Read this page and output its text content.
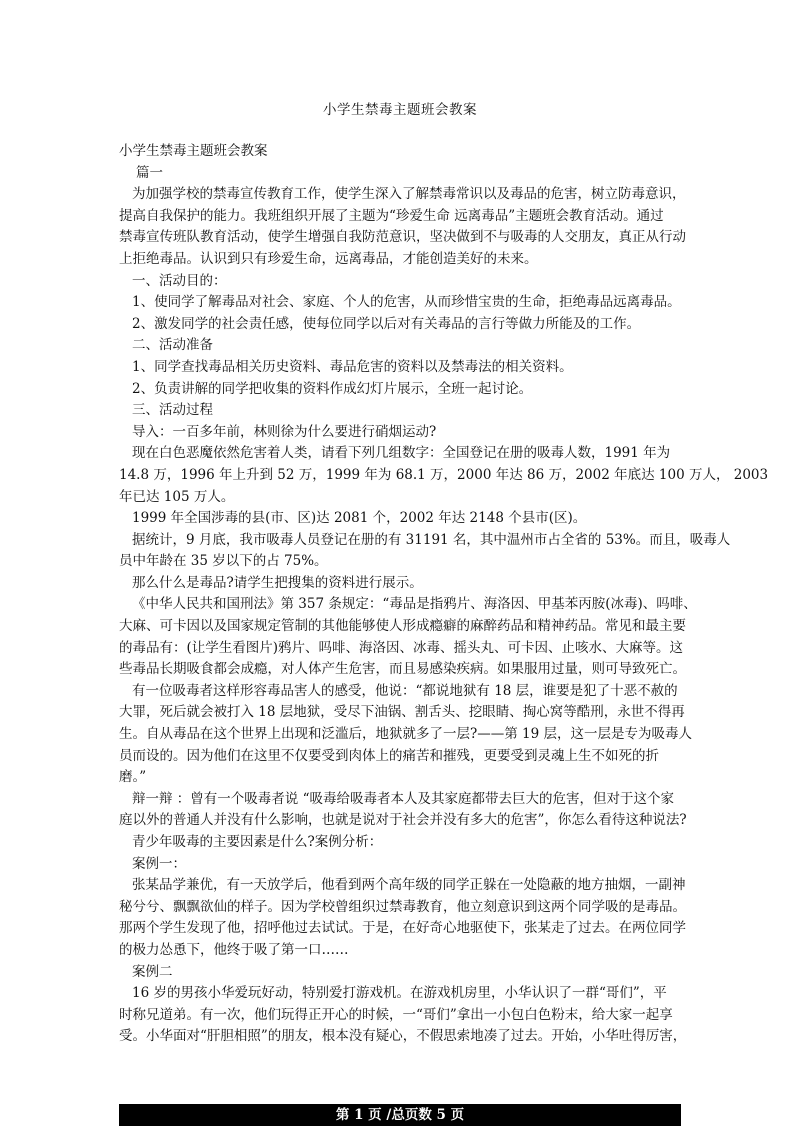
小学生禁毒主题班会教案

小学生禁毒主题班会教案

篇一

为加强学校的禁毒宣传教育工作，使学生深入了解禁毒常识以及毒品的危害，树立防毒意识，

提高自我保护的能力。我班组织开展了主题为“珍爱生命 远离毒品”主题班会教育活动。通过

禁毒宣传班队教育活动，使学生增强自我防范意识，坚决做到不与吸毒的人交朋友，真正从行动

上拒绝毒品。认识到只有珍爱生命，远离毒品，才能创造美好的未来。

一、活动目的：

1、使同学了解毒品对社会、家庭、个人的危害，从而珍惜宝贵的生命，拒绝毒品远离毒品。

2、激发同学的社会责任感，使每位同学以后对有关毒品的言行等做力所能及的工作。

二、活动准备

1、同学查找毒品相关历史资料、毒品危害的资料以及禁毒法的相关资料。

2、负责讲解的同学把收集的资料作成幻灯片展示，全班一起讨论。

三、活动过程

导入：一百多年前，林则徐为什么要进行硝烟运动?

现在白色恶魔依然危害着人类，请看下列几组数字：全国登记在册的吸毒人数，1991 年为

14.8 万，1996 年上升到 52 万，1999 年为 68.1 万，2000 年达 86 万，2002 年底达 100 万人， 2003

年已达 105 万人。

1999 年全国涉毒的县(市、区)达 2081 个，2002 年达 2148 个县市(区)。

据统计，9 月底，我市吸毒人员登记在册的有 31191 名，其中温州市占全省的 53%。而且，吸毒人

员中年龄在 35 岁以下的占 75%。

那么什么是毒品?请学生把搜集的资料进行展示。

《中华人民共和国刑法》第 357 条规定：“毒品是指鸦片、海洛因、甲基苯丙胺(冰毒)、吗啡、

大麻、可卡因以及国家规定管制的其他能够使人形成瘾癖的麻醉药品和精神药品。常见和最主要

的毒品有：(让学生看图片)鸦片、吗啡、海洛因、冰毒、摇头丸、可卡因、止咳水、大麻等。这

些毒品长期吸食都会成瘾，对人体产生危害，而且易感染疾病。如果服用过量，则可导致死亡。

有一位吸毒者这样形容毒品害人的感受，他说：“都说地狱有 18 层，谁要是犯了十恶不赦的

大罪，死后就会被打入 18 层地狱，受尽下油锅、割舌头、挖眼睛、掏心窝等酷刑，永世不得再

生。自从毒品在这个世界上出现和泛滥后，地狱就多了一层?——第 19 层，这一层是专为吸毒人

员而设的。因为他们在这里不仅要受到肉体上的痛苦和摧残，更要受到灵魂上生不如死的折

磨。”

辩一辩 ：曾有一个吸毒者说 “吸毒给吸毒者本人及其家庭都带去巨大的危害，但对于这个家

庭以外的普通人并没有什么影响，也就是说对于社会并没有多大的危害”，你怎么看待这种说法?

青少年吸毒的主要因素是什么?案例分析：

案例一：

张某品学兼优，有一天放学后，他看到两个高年级的同学正躲在一处隐蔽的地方抽烟，一副神

秘兮兮、飘飘欲仙的样子。因为学校曾组织过禁毒教育，他立刻意识到这两个同学吸的是毒品。

那两个学生发现了他，招呼他过去试试。于是，在好奇心地驱使下，张某走了过去。在两位同学

的极力怂恿下，他终于吸了第一口……

案例二

16 岁的男孩小华爱玩好动，特别爱打游戏机。在游戏机房里，小华认识了一群“哥们”，平

时称兄道弟。有一次，他们玩得正开心的时候，一“哥们”拿出一小包白色粉末，给大家一起享

受。小华面对“肝胆相照”的朋友，根本没有疑心，不假思索地凑了过去。开始，小华吐得厉害，

第 1 页 /总页数 5 页
